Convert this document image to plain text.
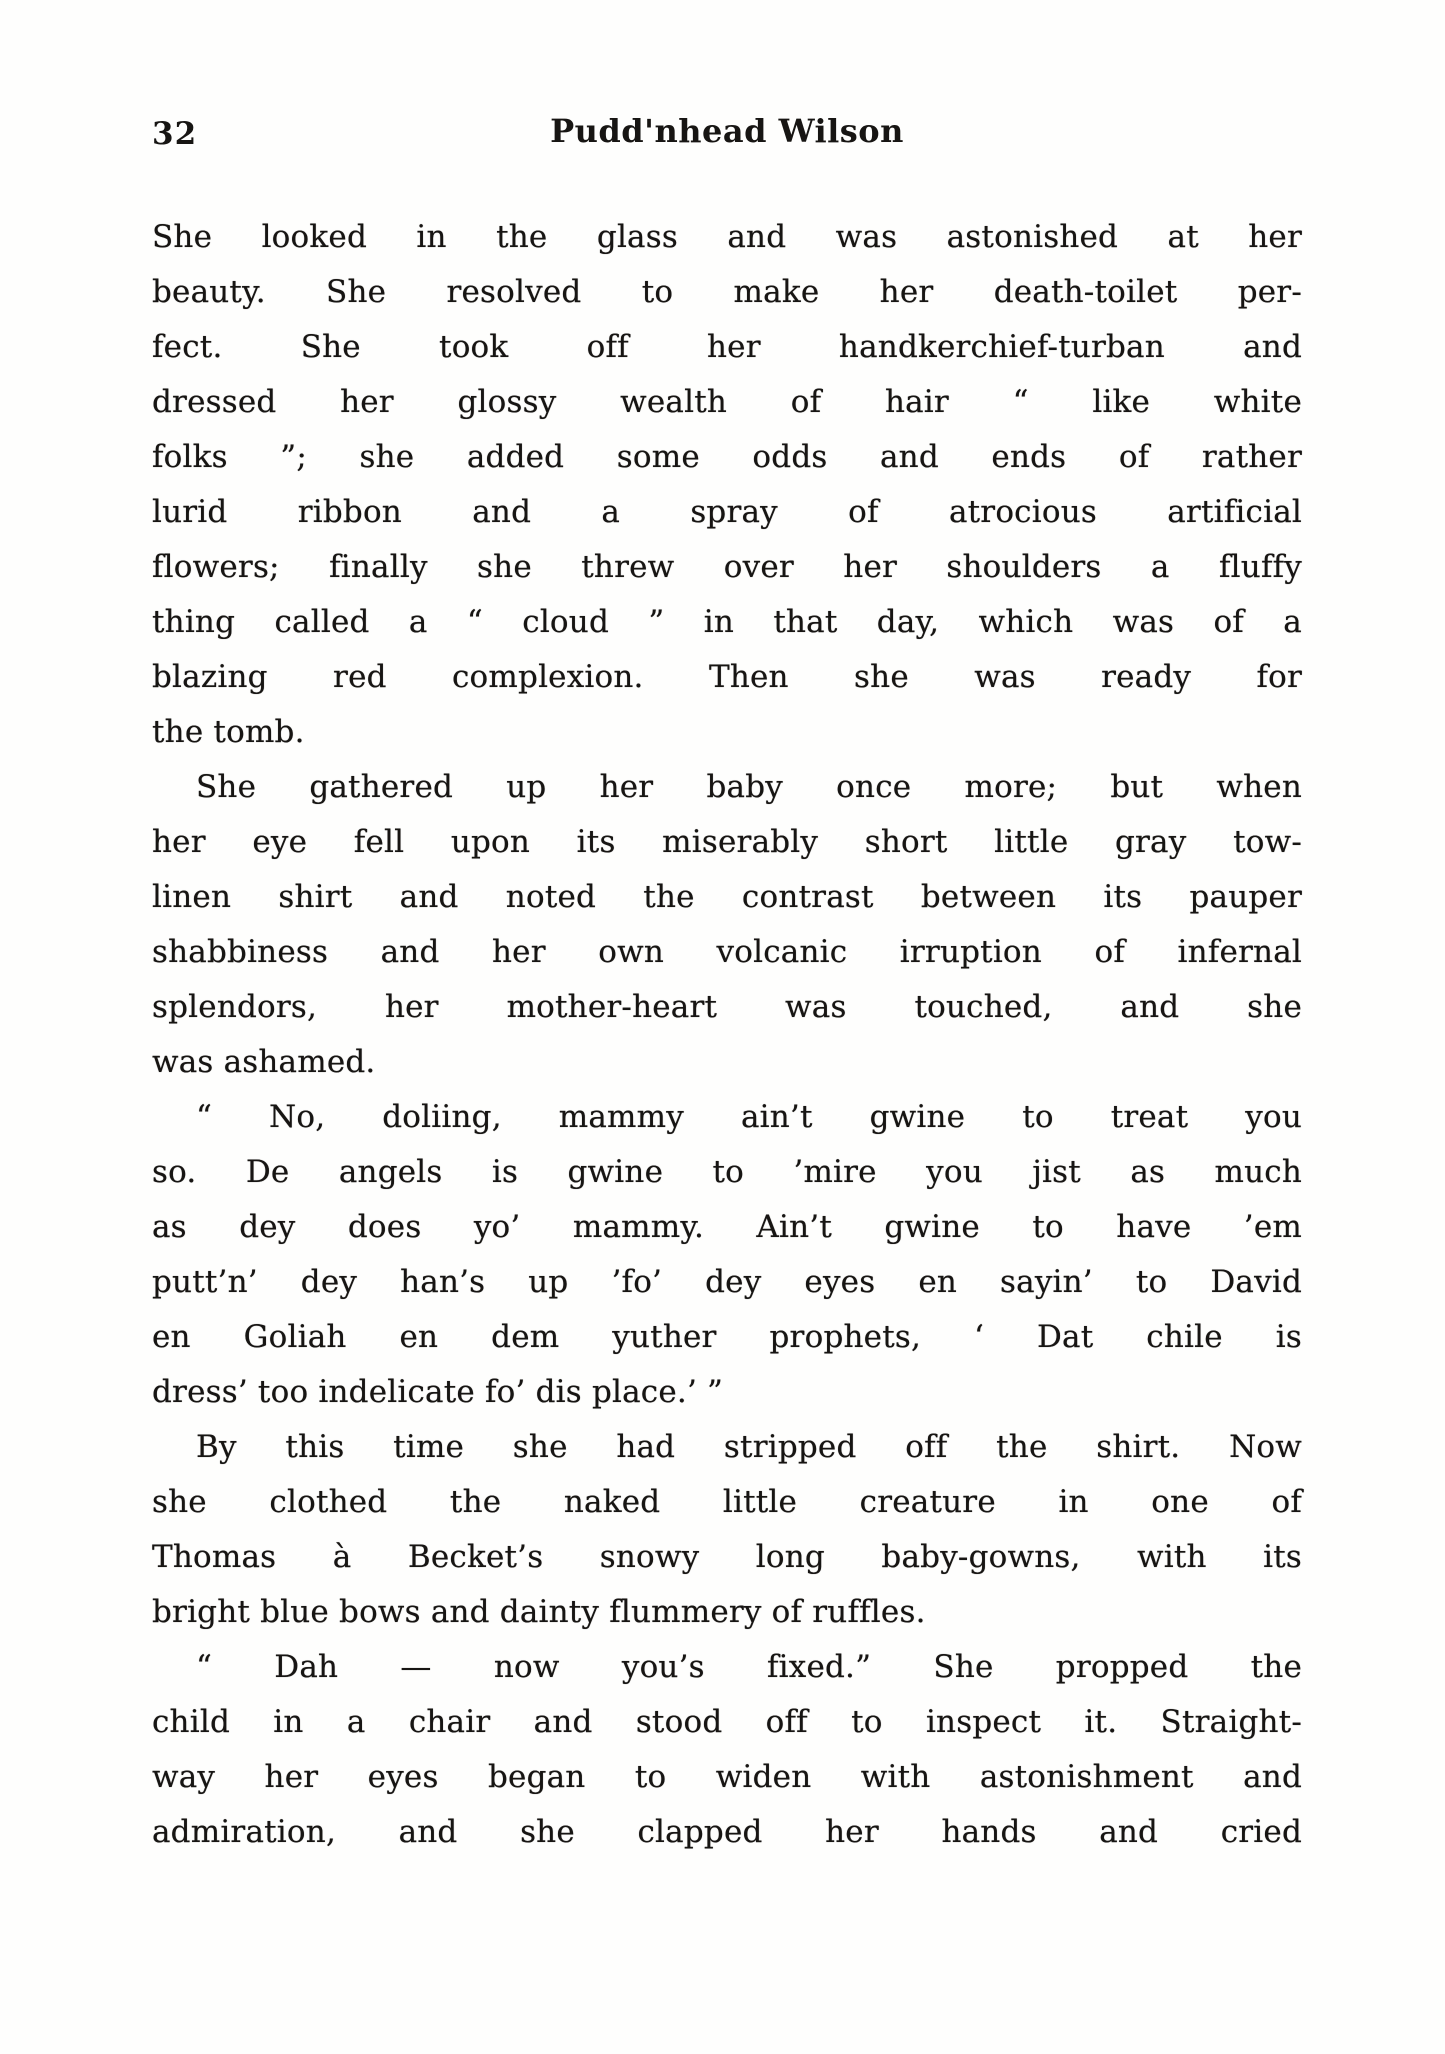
32	Pudd'nhead Wilson
She looked in the glass and was astonished at her
beauty. She resolved to make her death-toilet per-
fect. She took off her handkerchief-turban and
dressed her glossy wealth of hair “ like white
folks ”; she added some odds and ends of rather
lurid ribbon and a spray of atrocious artificial
flowers; finally she threw over her shoulders a fluffy
thing called a “ cloud ” in that day, which was of a
blazing red complexion. Then she was ready for
the tomb.
She gathered up her baby once more; but when
her eye fell upon its miserably short little gray tow-
linen shirt and noted the contrast between its pauper
shabbiness and her own volcanic irruption of infernal
splendors, her mother-heart was touched, and she
was ashamed.
“ No, doliing, mammy ain’t gwine to treat you
so. De angels is gwine to ’mire you jist as much
as dey does yo’ mammy. Ain’t gwine to have ’em
putt’n’ dey han’s up ’fo’ dey eyes en sayin’ to David
en Goliah en dem yuther prophets, ‘ Dat chile is
dress’ too indelicate fo’ dis place.’ ”
By this time she had stripped off the shirt. Now
she clothed the naked little creature in one of
Thomas à Becket’s snowy long baby-gowns, with its
bright blue bows and dainty flummery of ruffles.
“ Dah — now you’s fixed.” She propped the
child in a chair and stood off to inspect it. Straight-
way her eyes began to widen with astonishment and
admiration, and she clapped her hands and cried
